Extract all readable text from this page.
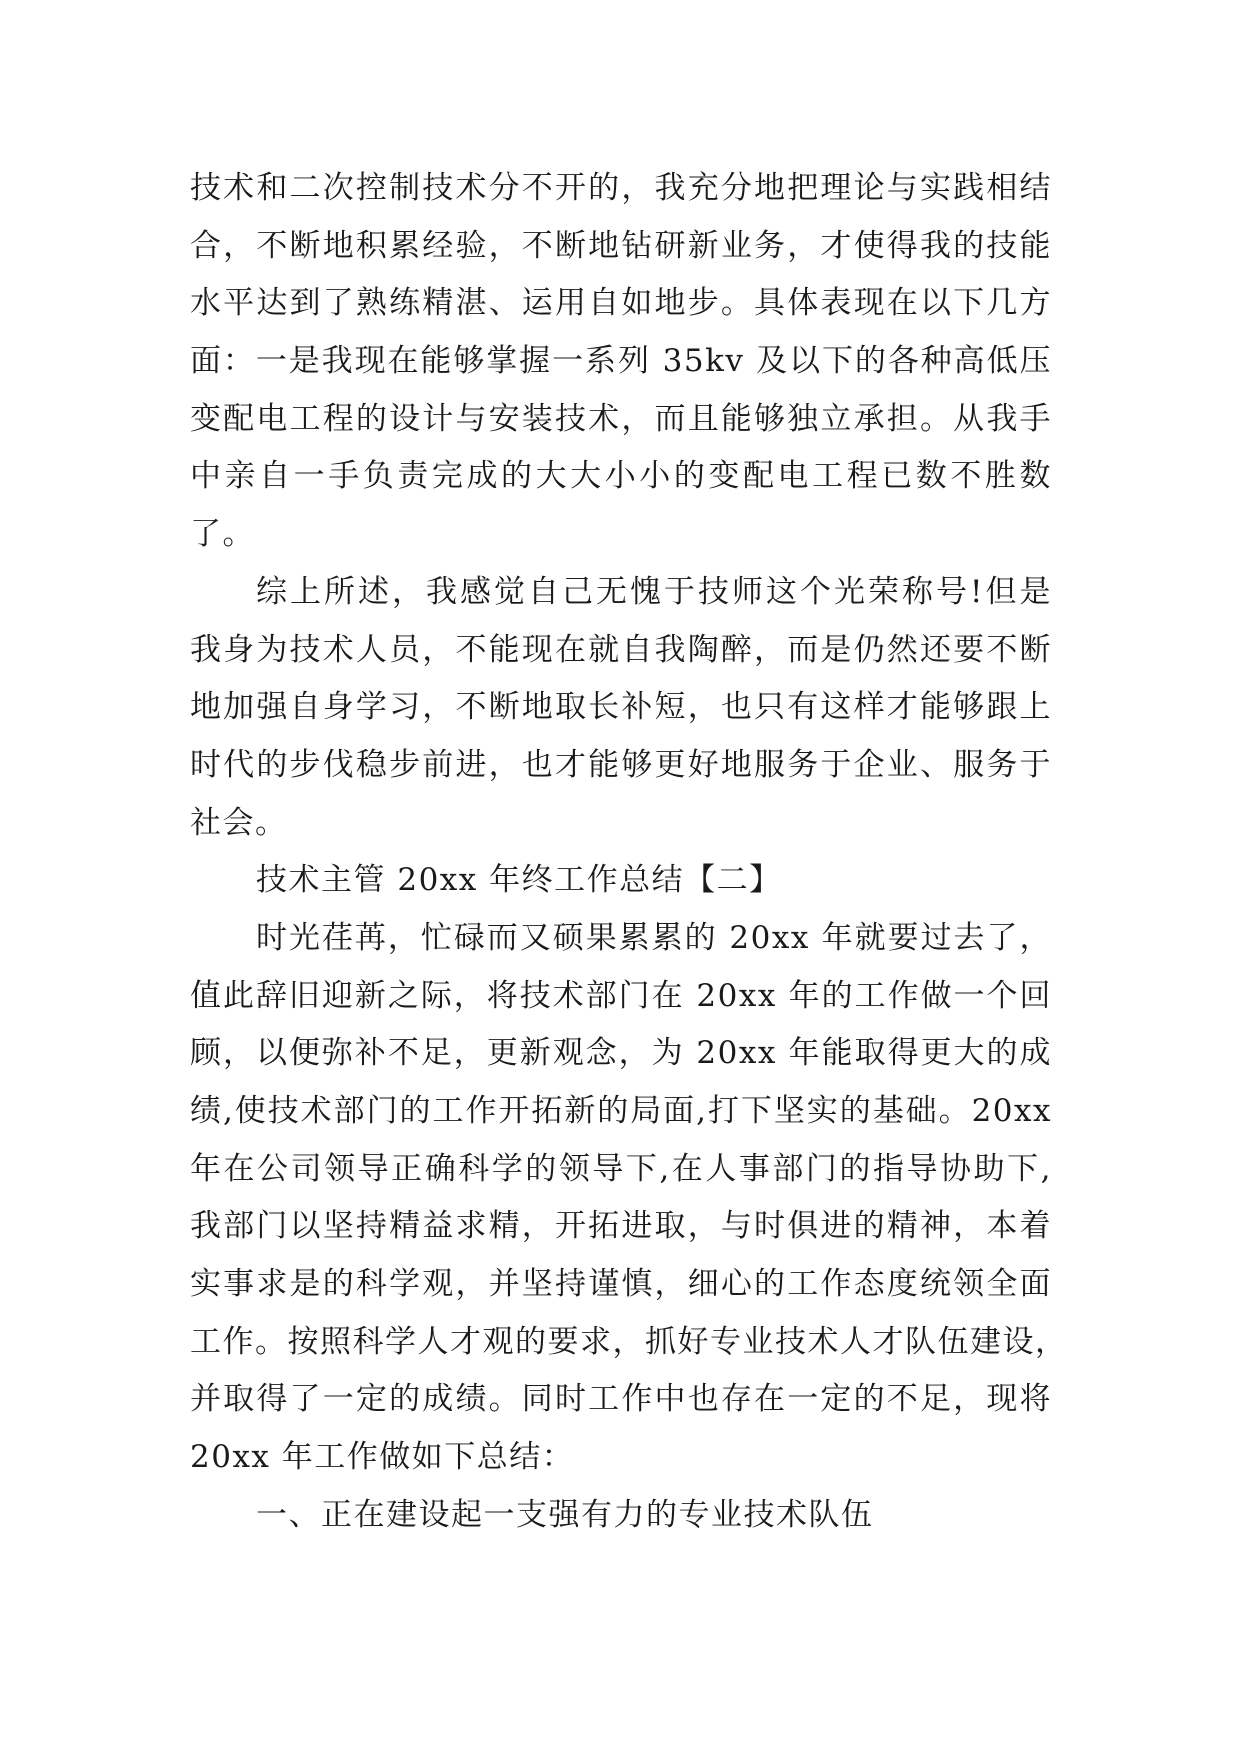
技术和二次控制技术分不开的，我充分地把理论与实践相结
合，不断地积累经验，不断地钻研新业务，才使得我的技能
水平达到了熟练精湛、运用自如地步。具体表现在以下几方
面：一是我现在能够掌握一系列 35kv 及以下的各种高低压
变配电工程的设计与安装技术，而且能够独立承担。从我手
中亲自一手负责完成的大大小小的变配电工程已数不胜数
了。
综上所述，我感觉自己无愧于技师这个光荣称号!但是
我身为技术人员，不能现在就自我陶醉，而是仍然还要不断
地加强自身学习，不断地取长补短，也只有这样才能够跟上
时代的步伐稳步前进，也才能够更好地服务于企业、服务于
社会。
技术主管 20xx 年终工作总结【二】
时光荏苒，忙碌而又硕果累累的 20xx 年就要过去了，
值此辞旧迎新之际，将技术部门在 20xx 年的工作做一个回
顾，以便弥补不足，更新观念，为 20xx 年能取得更大的成
绩,使技术部门的工作开拓新的局面,打下坚实的基础。20xx
年在公司领导正确科学的领导下,在人事部门的指导协助下,
我部门以坚持精益求精，开拓进取，与时俱进的精神，本着
实事求是的科学观，并坚持谨慎，细心的工作态度统领全面
工作。按照科学人才观的要求，抓好专业技术人才队伍建设，
并取得了一定的成绩。同时工作中也存在一定的不足，现将
20xx 年工作做如下总结：
一、正在建设起一支强有力的专业技术队伍
